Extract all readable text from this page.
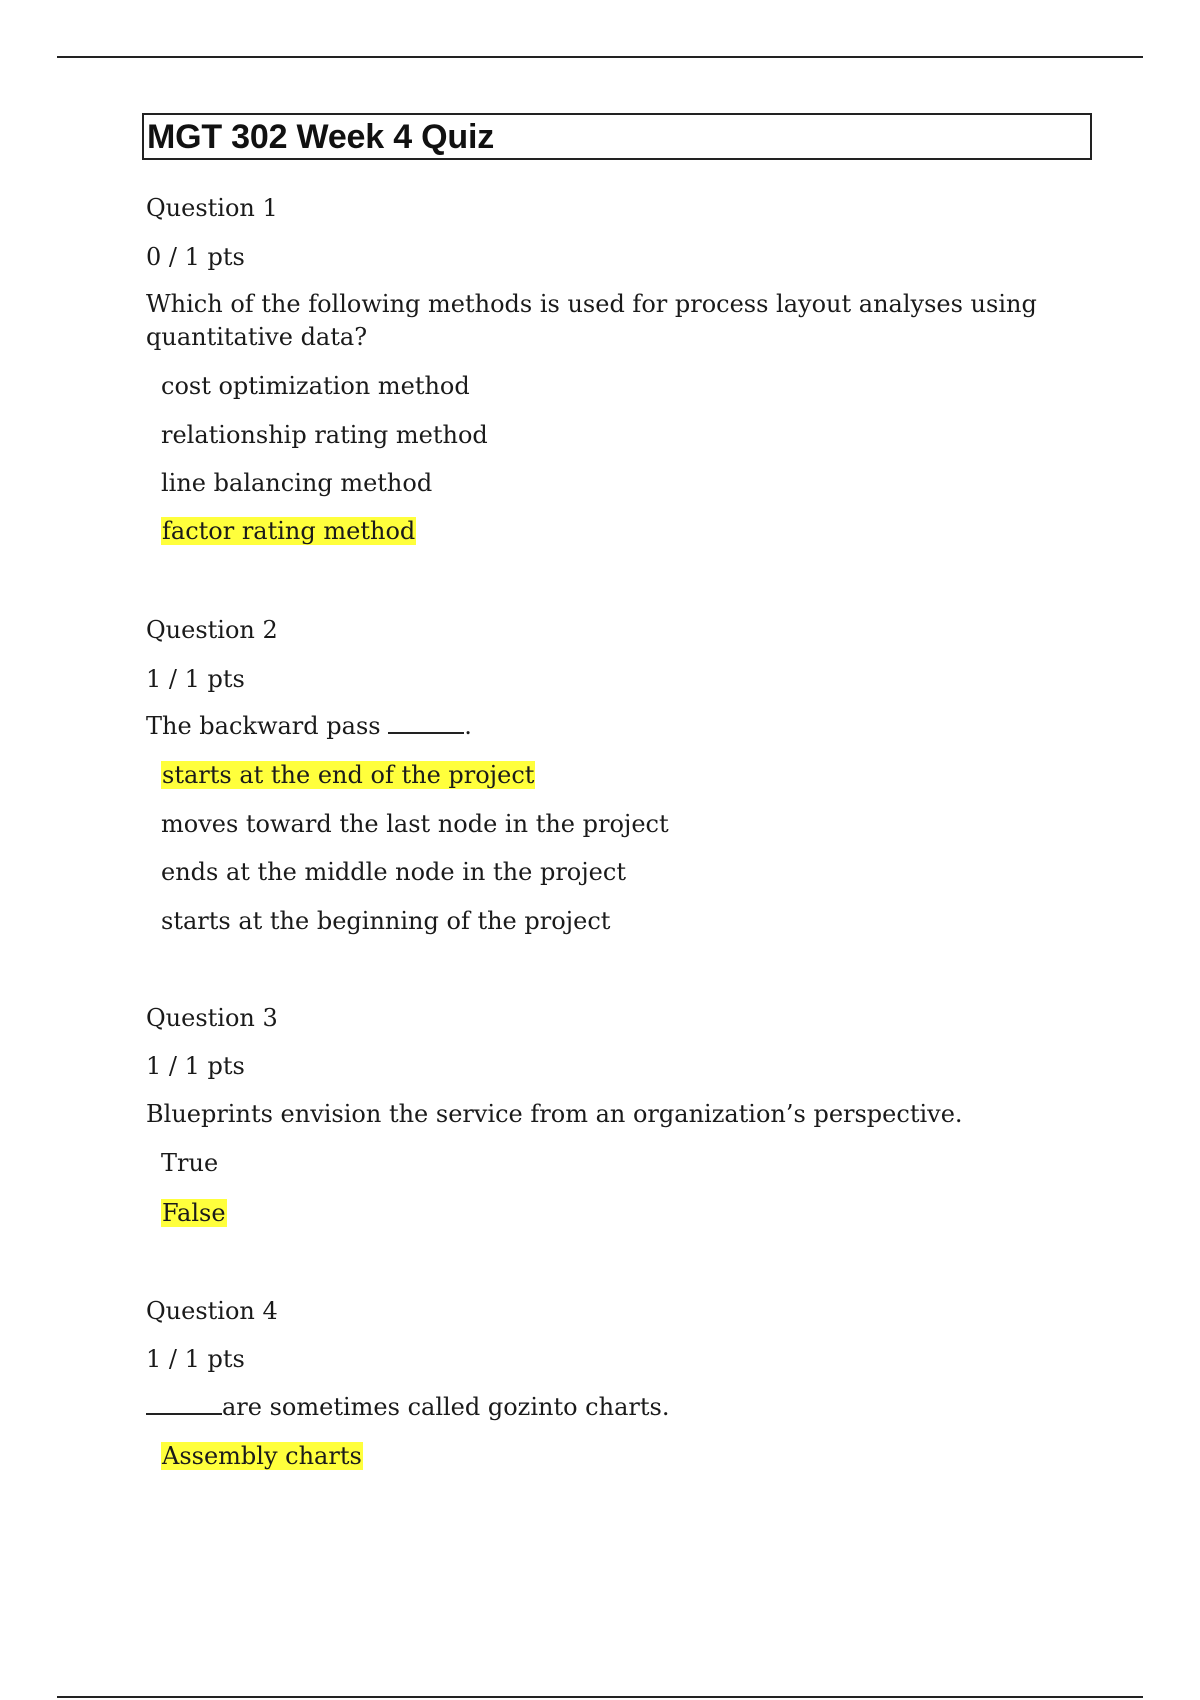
MGT 302 Week 4 Quiz
Question 1
0 / 1 pts
Which of the following methods is used for process layout analyses using quantitative data?
cost optimization method
relationship rating method
line balancing method
factor rating method
Question 2
1 / 1 pts
The backward pass	.
starts at the end of the project
moves toward the last node in the project
ends at the middle node in the project
starts at the beginning of the project
Question 3
1 / 1 pts
Blueprints envision the service from an organization’s perspective.
True
False
Question 4
1 / 1 pts
are sometimes called gozinto charts.
Assembly charts
